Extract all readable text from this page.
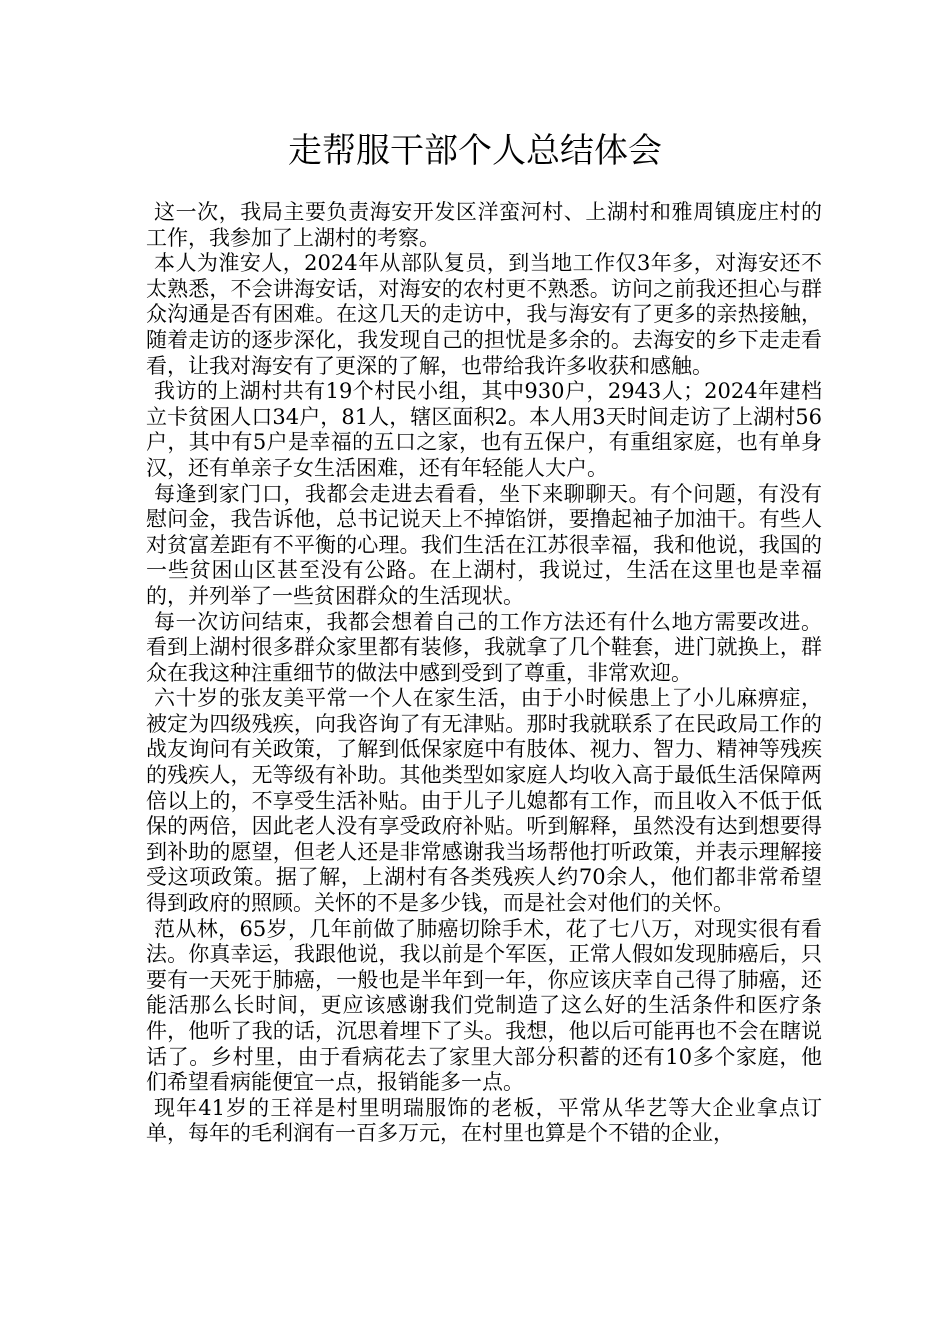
走帮服干部个人总结体会

这一次，我局主要负责海安开发区洋蛮河村、上湖村和雅周镇庞庄村的工作，我参加了上湖村的考察。

本人为淮安人，2024年从部队复员，到当地工作仅3年多，对海安还不太熟悉，不会讲海安话，对海安的农村更不熟悉。访问之前我还担心与群众沟通是否有困难。在这几天的走访中，我与海安有了更多的亲热接触，随着走访的逐步深化，我发现自己的担忧是多余的。去海安的乡下走走看看，让我对海安有了更深的了解，也带给我许多收获和感触。

我访的上湖村共有19个村民小组，其中930户，2943人；2024年建档立卡贫困人口34户，81人，辖区面积2。本人用3天时间走访了上湖村56户，其中有5户是幸福的五口之家，也有五保户，有重组家庭，也有单身汉，还有单亲子女生活困难，还有年轻能人大户。

每逢到家门口，我都会走进去看看，坐下来聊聊天。有个问题，有没有慰问金，我告诉他，总书记说天上不掉馅饼，要撸起袖子加油干。有些人对贫富差距有不平衡的心理。我们生活在江苏很幸福，我和他说，我国的一些贫困山区甚至没有公路。在上湖村，我说过，生活在这里也是幸福的，并列举了一些贫困群众的生活现状。

每一次访问结束，我都会想着自己的工作方法还有什么地方需要改进。看到上湖村很多群众家里都有装修，我就拿了几个鞋套，进门就换上，群众在我这种注重细节的做法中感到受到了尊重，非常欢迎。

六十岁的张友美平常一个人在家生活，由于小时候患上了小儿麻痹症，被定为四级残疾，向我咨询了有无津贴。那时我就联系了在民政局工作的战友询问有关政策，了解到低保家庭中有肢体、视力、智力、精神等残疾的残疾人，无等级有补助。其他类型如家庭人均收入高于最低生活保障两倍以上的，不享受生活补贴。由于儿子儿媳都有工作，而且收入不低于低保的两倍，因此老人没有享受政府补贴。听到解释，虽然没有达到想要得到补助的愿望，但老人还是非常感谢我当场帮他打听政策，并表示理解接受这项政策。据了解，上湖村有各类残疾人约70余人，他们都非常希望得到政府的照顾。关怀的不是多少钱，而是社会对他们的关怀。

范从林，65岁，几年前做了肺癌切除手术，花了七八万，对现实很有看法。你真幸运，我跟他说，我以前是个军医，正常人假如发现肺癌后，只要有一天死于肺癌，一般也是半年到一年，你应该庆幸自己得了肺癌，还能活那么长时间，更应该感谢我们党制造了这么好的生活条件和医疗条件，他听了我的话，沉思着埋下了头。我想，他以后可能再也不会在瞎说话了。乡村里，由于看病花去了家里大部分积蓄的还有10多个家庭，他们希望看病能便宜一点，报销能多一点。

现年41岁的王祥是村里明瑞服饰的老板，平常从华艺等大企业拿点订单，每年的毛利润有一百多万元，在村里也算是个不错的企业，
